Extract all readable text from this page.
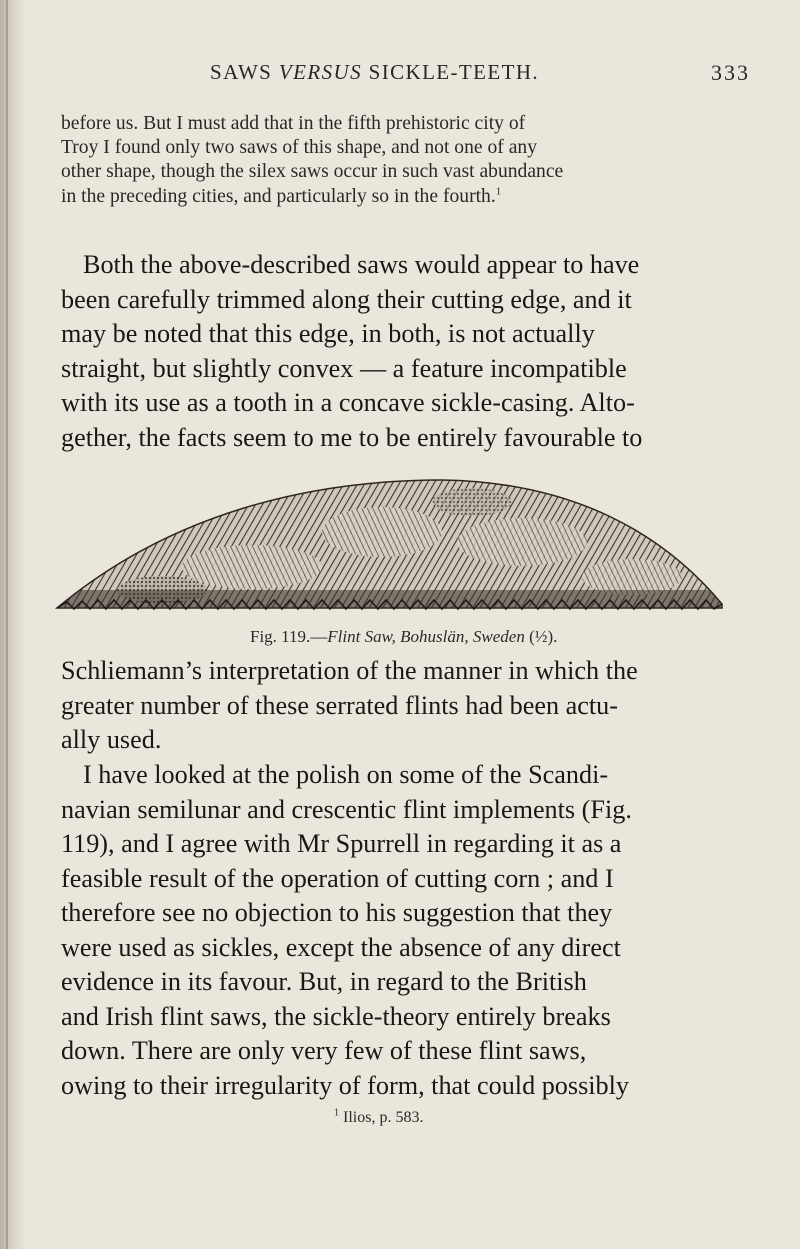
SAWS VERSUS SICKLE-TEETH.	333
before us. But I must add that in the fifth prehistoric city of
Troy I found only two saws of this shape, and not one of any
other shape, though the silex saws occur in such vast abundance
in the preceding cities, and particularly so in the fourth.$^1$
Both the above-described saws would appear to have
been carefully trimmed along their cutting edge, and it
may be noted that this edge, in both, is not actually
straight, but slightly convex — a feature incompatible
with its use as a tooth in a concave sickle-casing. Alto-
gether, the facts seem to me to be entirely favourable to
Fig. 119.—Flint Saw, Bohuslän, Sweden (½).
Schliemann’s interpretation of the manner in which the
greater number of these serrated flints had been actu-
ally used.
I have looked at the polish on some of the Scandi-
navian semilunar and crescentic flint implements (Fig.
119), and I agree with Mr Spurrell in regarding it as a
feasible result of the operation of cutting corn ; and I
therefore see no objection to his suggestion that they
were used as sickles, except the absence of any direct
evidence in its favour. But, in regard to the British
and Irish flint saws, the sickle-theory entirely breaks
down. There are only very few of these flint saws,
owing to their irregularity of form, that could possibly
$^1$ Ilios, p. 583.
